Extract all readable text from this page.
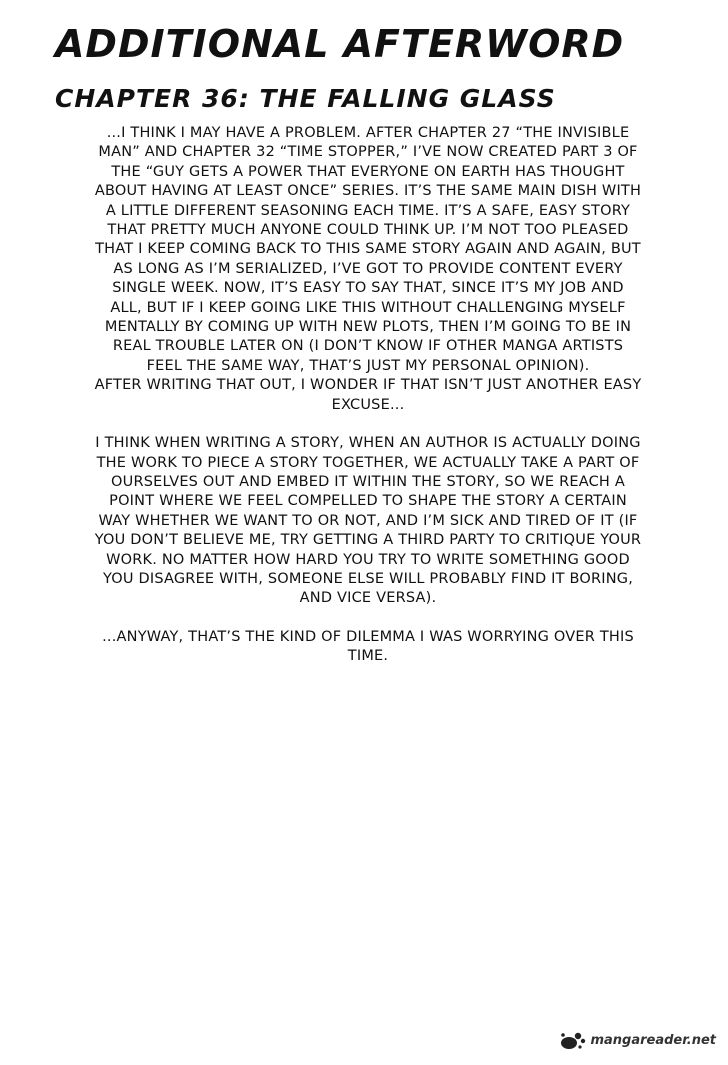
ADDITIONAL AFTERWORD
CHAPTER 36: THE FALLING GLASS

...I THINK I MAY HAVE A PROBLEM. AFTER CHAPTER 27 “THE INVISIBLE
MAN” AND CHAPTER 32 “TIME STOPPER,” I’VE NOW CREATED PART 3 OF
THE “GUY GETS A POWER THAT EVERYONE ON EARTH HAS THOUGHT
ABOUT HAVING AT LEAST ONCE” SERIES. IT’S THE SAME MAIN DISH WITH
A LITTLE DIFFERENT SEASONING EACH TIME. IT’S A SAFE, EASY STORY
THAT PRETTY MUCH ANYONE COULD THINK UP. I’M NOT TOO PLEASED
THAT I KEEP COMING BACK TO THIS SAME STORY AGAIN AND AGAIN, BUT
AS LONG AS I’M SERIALIZED, I’VE GOT TO PROVIDE CONTENT EVERY
SINGLE WEEK. NOW, IT’S EASY TO SAY THAT, SINCE IT’S MY JOB AND
ALL, BUT IF I KEEP GOING LIKE THIS WITHOUT CHALLENGING MYSELF
MENTALLY BY COMING UP WITH NEW PLOTS, THEN I’M GOING TO BE IN
REAL TROUBLE LATER ON (I DON’T KNOW IF OTHER MANGA ARTISTS
FEEL THE SAME WAY, THAT’S JUST MY PERSONAL OPINION).
AFTER WRITING THAT OUT, I WONDER IF THAT ISN’T JUST ANOTHER EASY
EXCUSE...

I THINK WHEN WRITING A STORY, WHEN AN AUTHOR IS ACTUALLY DOING
THE WORK TO PIECE A STORY TOGETHER, WE ACTUALLY TAKE A PART OF
OURSELVES OUT AND EMBED IT WITHIN THE STORY, SO WE REACH A
POINT WHERE WE FEEL COMPELLED TO SHAPE THE STORY A CERTAIN
WAY WHETHER WE WANT TO OR NOT, AND I’M SICK AND TIRED OF IT (IF
YOU DON’T BELIEVE ME, TRY GETTING A THIRD PARTY TO CRITIQUE YOUR
WORK. NO MATTER HOW HARD YOU TRY TO WRITE SOMETHING GOOD
YOU DISAGREE WITH, SOMEONE ELSE WILL PROBABLY FIND IT BORING,
AND VICE VERSA).

...ANYWAY, THAT’S THE KIND OF DILEMMA I WAS WORRYING OVER THIS
TIME.

mangareader.net
